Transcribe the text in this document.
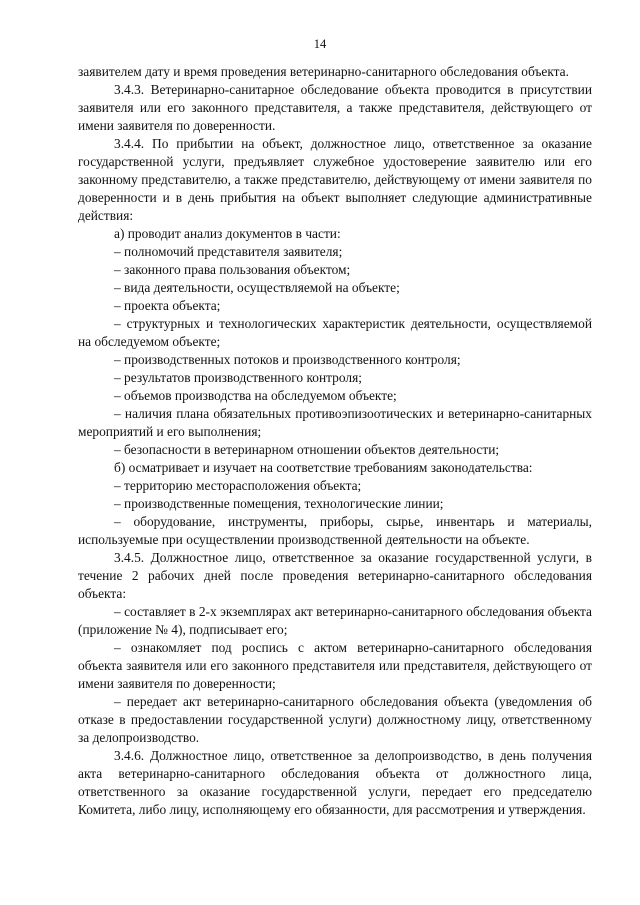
14

заявителем дату и время проведения ветеринарно-санитарного обследования объекта.

3.4.3. Ветеринарно-санитарное обследование объекта проводится в присутствии заявителя или его законного представителя, а также представителя, действующего от имени заявителя по доверенности.

3.4.4. По прибытии на объект, должностное лицо, ответственное за оказание государственной услуги, предъявляет служебное удостоверение заявителю или его законному представителю, а также представителю, действующему от имени заявителя по доверенности и в день прибытия на объект выполняет следующие административные действия:

а) проводит анализ документов в части:

– полномочий представителя заявителя;

– законного права пользования объектом;

– вида деятельности, осуществляемой на объекте;

– проекта объекта;

– структурных и технологических характеристик деятельности, осуществляемой на обследуемом объекте;

– производственных потоков и производственного контроля;

– результатов производственного контроля;

– объемов производства на обследуемом объекте;

– наличия плана обязательных противоэпизоотических и ветеринарно-санитарных мероприятий и его выполнения;

– безопасности в ветеринарном отношении объектов деятельности;

б) осматривает и изучает на соответствие требованиям законодательства:

– территорию месторасположения объекта;

– производственные помещения, технологические линии;

– оборудование, инструменты, приборы, сырье, инвентарь и материалы, используемые при осуществлении производственной деятельности на объекте.

3.4.5. Должностное лицо, ответственное за оказание государственной услуги, в течение 2 рабочих дней после проведения ветеринарно-санитарного обследования объекта:

– составляет в 2-х экземплярах акт ветеринарно-санитарного обследования объекта (приложение № 4), подписывает его;

– ознакомляет под роспись с актом ветеринарно-санитарного обследования объекта заявителя или его законного представителя или представителя, действующего от имени заявителя по доверенности;

– передает акт ветеринарно-санитарного обследования объекта (уведомления об отказе в предоставлении государственной услуги) должностному лицу, ответственному за делопроизводство.

3.4.6. Должностное лицо, ответственное за делопроизводство, в день получения акта ветеринарно-санитарного обследования объекта от должностного лица, ответственного за оказание государственной услуги, передает его председателю Комитета, либо лицу, исполняющему его обязанности, для рассмотрения и утверждения.
